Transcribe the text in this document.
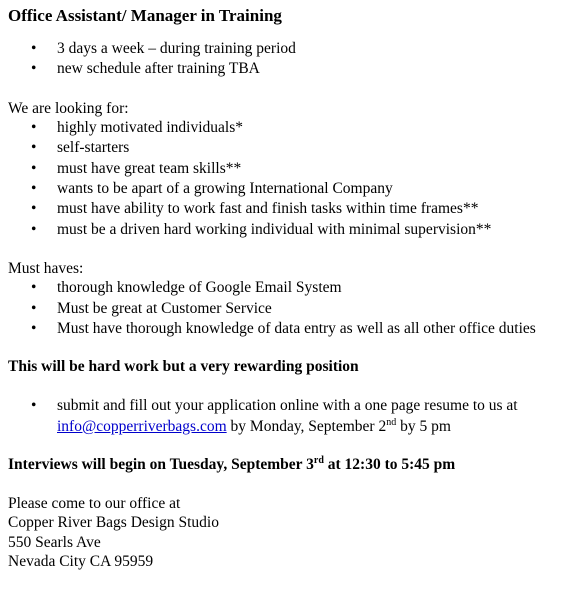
Office Assistant/ Manager in Training
• 3 days a week – during training period
• new schedule after training TBA
We are looking for:
• highly motivated individuals*
• self-starters
• must have great team skills**
• wants to be apart of a growing International Company
• must have ability to work fast and finish tasks within time frames**
• must be a driven hard working individual with minimal supervision**
Must haves:
• thorough knowledge of Google Email System
• Must be great at Customer Service
• Must have thorough knowledge of data entry as well as all other office duties
This will be hard work but a very rewarding position
• submit and fill out your application online with a one page resume to us at info@copperriverbags.com by Monday, September 2nd by 5 pm
Interviews will begin on Tuesday, September 3rd at 12:30 to 5:45 pm
Please come to our office at
Copper River Bags Design Studio
550 Searls Ave
Nevada City CA 95959
